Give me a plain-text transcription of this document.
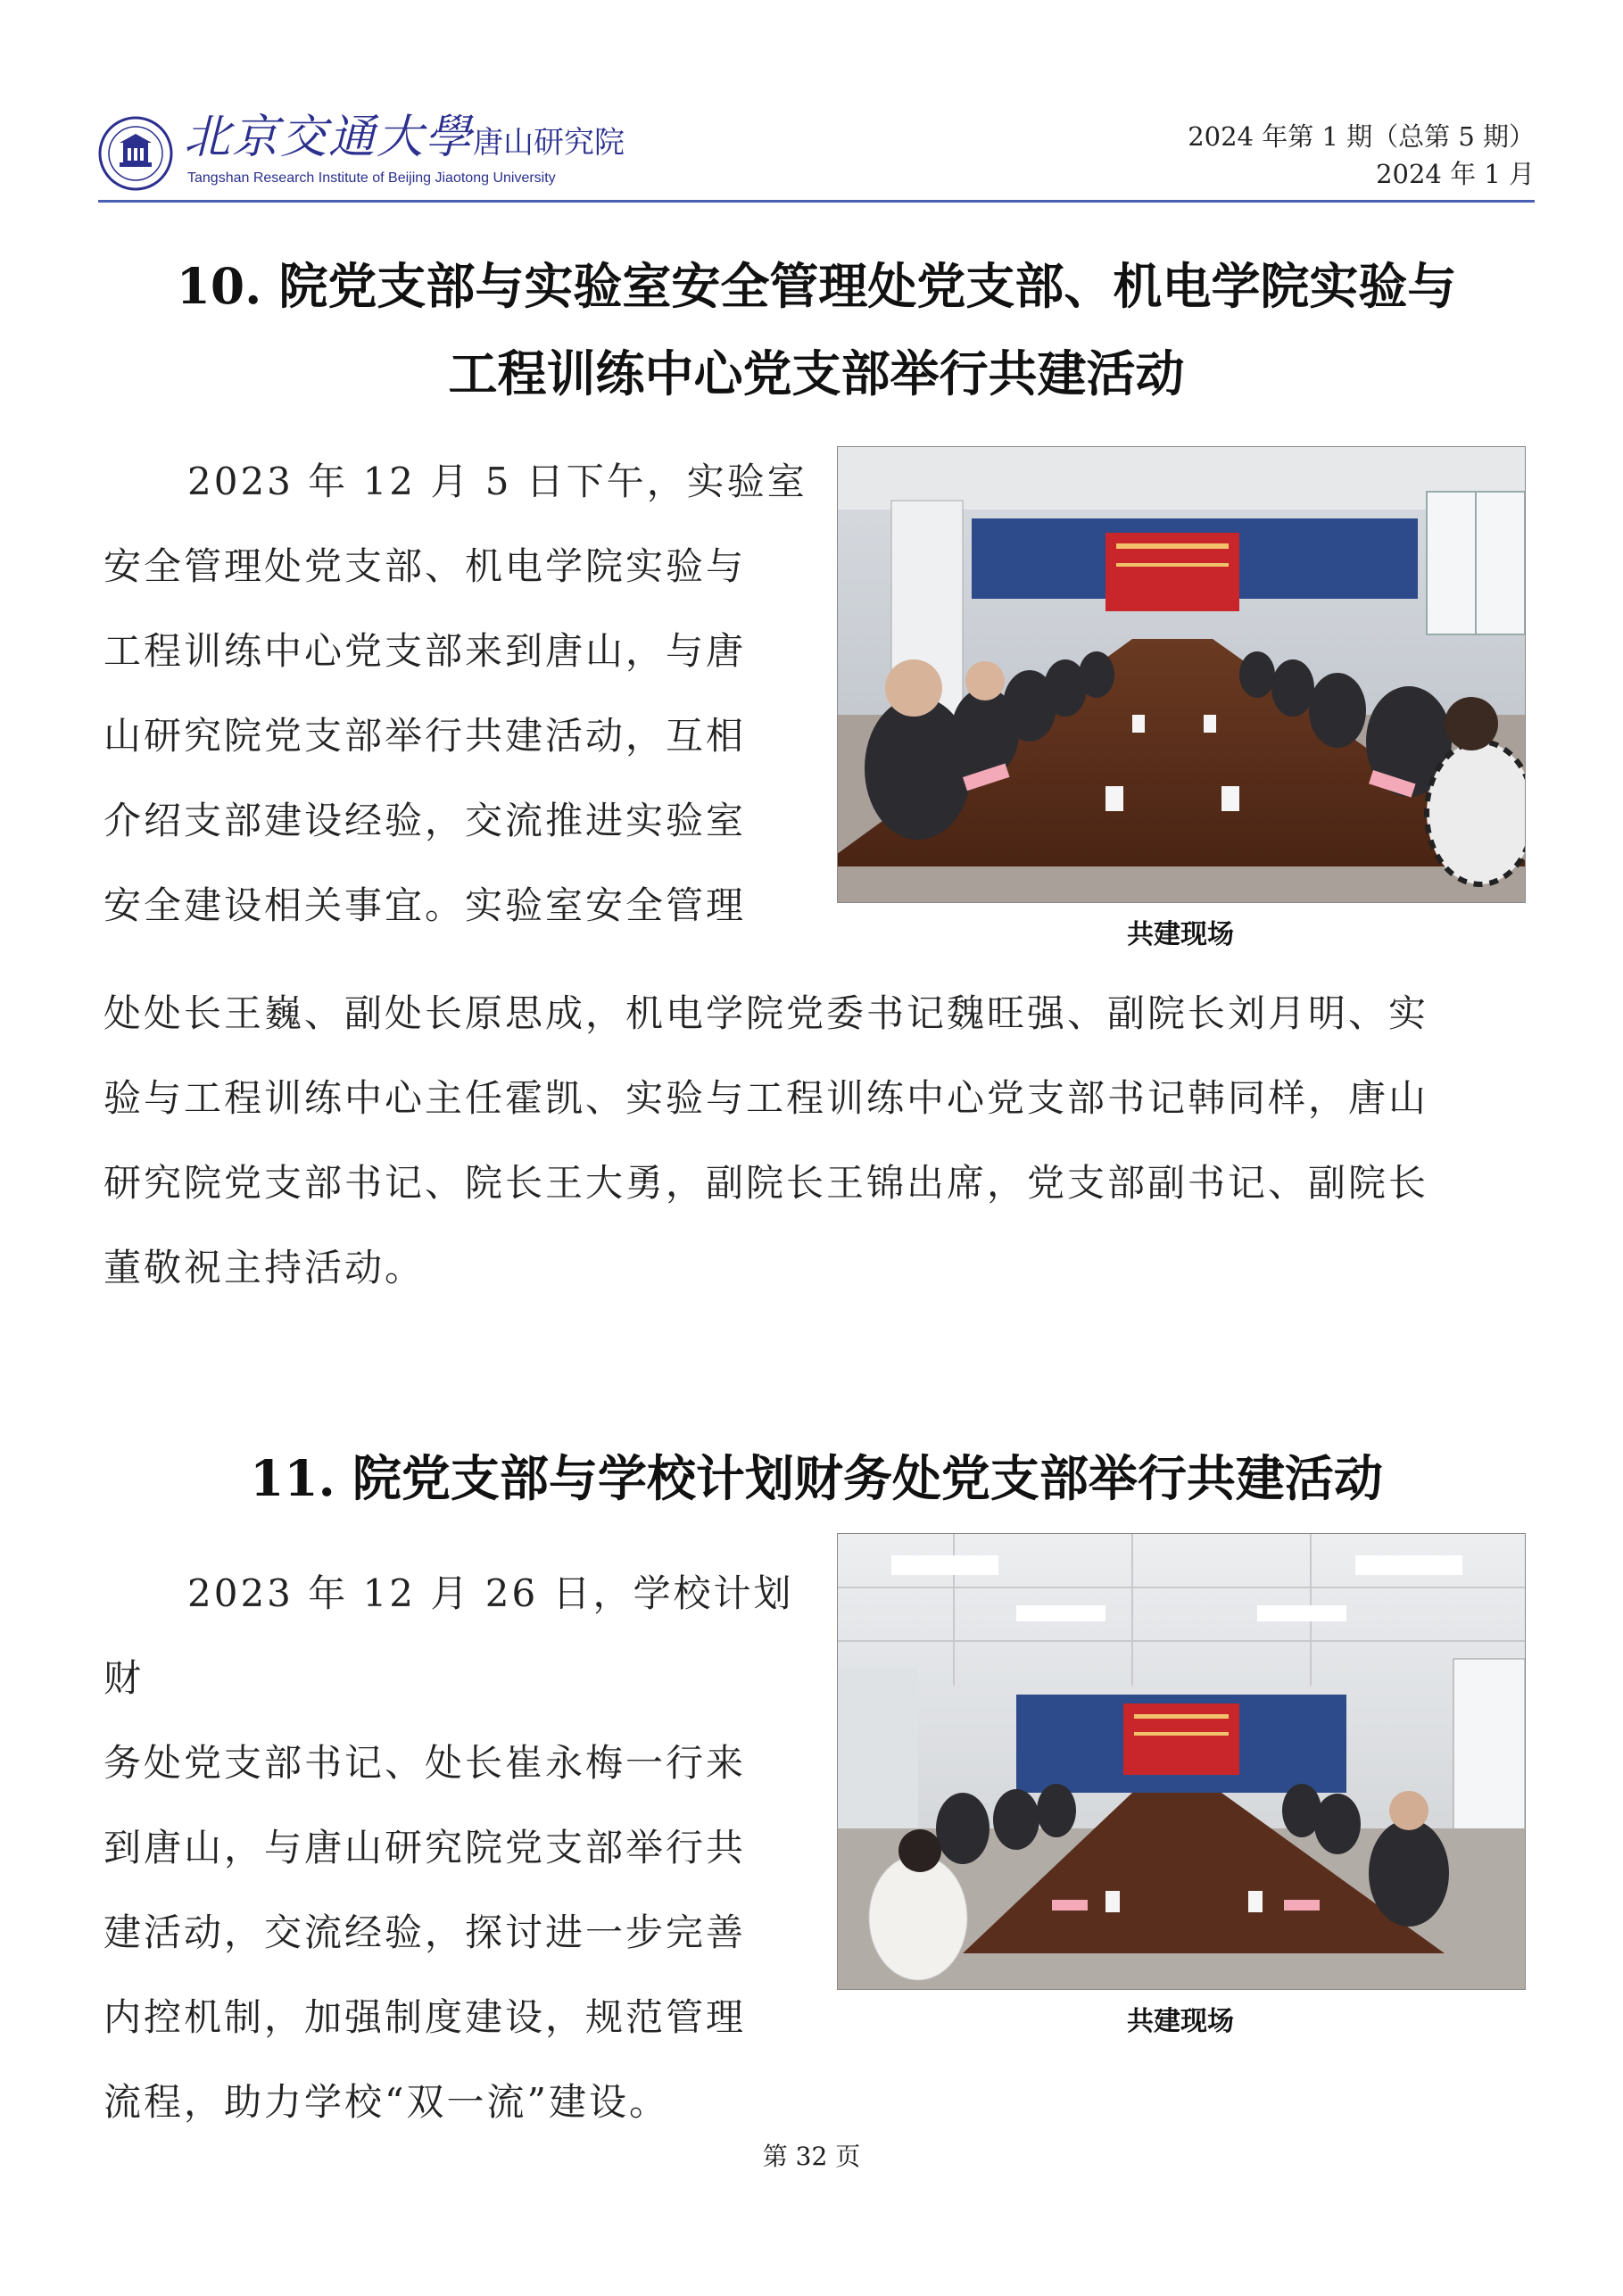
北京交通大學唐山研究院
Tangshan Research Institute of Beijing Jiaotong University
2024 年第 1 期（总第 5 期）
2024 年 1 月
10. 院党支部与实验室安全管理处党支部、机电学院实验与
工程训练中心党支部举行共建活动

2023 年 12 月 5 日下午，实验室

安全管理处党支部、机电学院实验与

工程训练中心党支部来到唐山，与唐

山研究院党支部举行共建活动，互相

介绍支部建设经验，交流推进实验室

安全建设相关事宜。实验室安全管理

共建现场

处处长王巍、副处长原思成，机电学院党委书记魏旺强、副院长刘月明、实

验与工程训练中心主任霍凯、实验与工程训练中心党支部书记韩同样，唐山

研究院党支部书记、院长王大勇，副院长王锦出席，党支部副书记、副院长

董敬祝主持活动。

11. 院党支部与学校计划财务处党支部举行共建活动

2023 年 12 月 26 日，学校计划财

务处党支部书记、处长崔永梅一行来

到唐山，与唐山研究院党支部举行共

建活动，交流经验，探讨进一步完善

内控机制，加强制度建设，规范管理

流程，助力学校“双一流”建设。

共建现场
第 32 页
